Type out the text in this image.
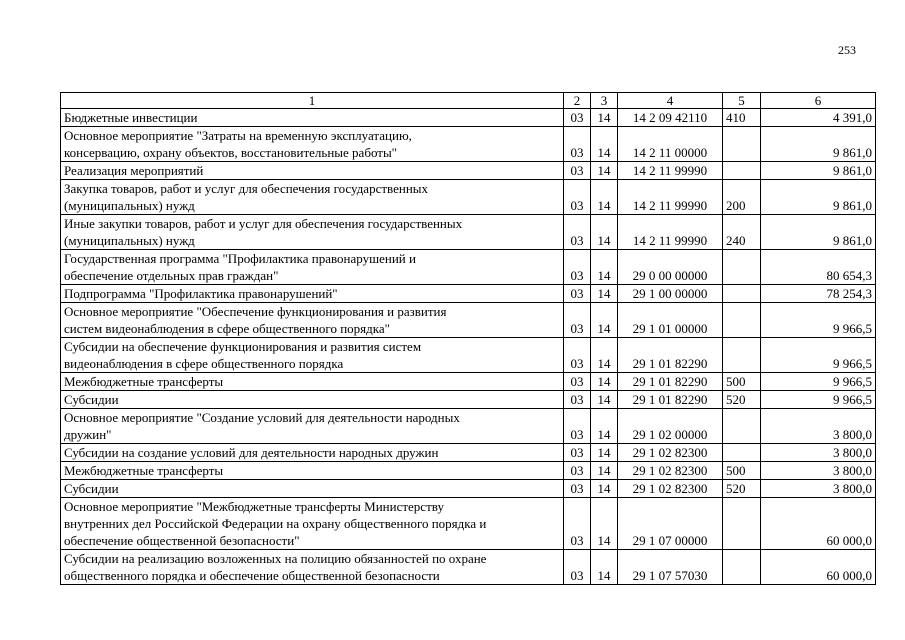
253
1	2	3	4	5	6

Бюджетные инвестиции	03	14	14 2 09 42110	410	4 391,0

Основное мероприятие "Затраты на временную эксплуатацию,
консервацию, охрану объектов, восстановительные работы"	03	14	14 2 11 00000		9 861,0

Реализация мероприятий	03	14	14 2 11 99990		9 861,0

Закупка товаров, работ и услуг для обеспечения государственных
(муниципальных) нужд	03	14	14 2 11 99990	200	9 861,0

Иные закупки товаров, работ и услуг для обеспечения государственных
(муниципальных) нужд	03	14	14 2 11 99990	240	9 861,0

Государственная программа "Профилактика правонарушений и
обеспечение отдельных прав граждан"	03	14	29 0 00 00000		80 654,3

Подпрограмма "Профилактика правонарушений"	03	14	29 1 00 00000		78 254,3

Основное мероприятие "Обеспечение функционирования и развития
систем видеонаблюдения в сфере общественного порядка"	03	14	29 1 01 00000		9 966,5

Субсидии на обеспечение функционирования и развития систем
видеонаблюдения в сфере общественного порядка	03	14	29 1 01 82290		9 966,5

Межбюджетные трансферты	03	14	29 1 01 82290	500	9 966,5

Субсидии	03	14	29 1 01 82290	520	9 966,5

Основное мероприятие "Создание условий для деятельности народных
дружин"	03	14	29 1 02 00000		3 800,0

Субсидии на создание условий для деятельности народных дружин	03	14	29 1 02 82300		3 800,0

Межбюджетные трансферты	03	14	29 1 02 82300	500	3 800,0

Субсидии	03	14	29 1 02 82300	520	3 800,0

Основное мероприятие "Межбюджетные трансферты Министерству
внутренних дел Российской Федерации на охрану общественного порядка и
обеспечение общественной безопасности"	03	14	29 1 07 00000		60 000,0

Субсидии на реализацию возложенных на полицию обязанностей по охране
общественного порядка и обеспечение общественной безопасности	03	14	29 1 07 57030		60 000,0
